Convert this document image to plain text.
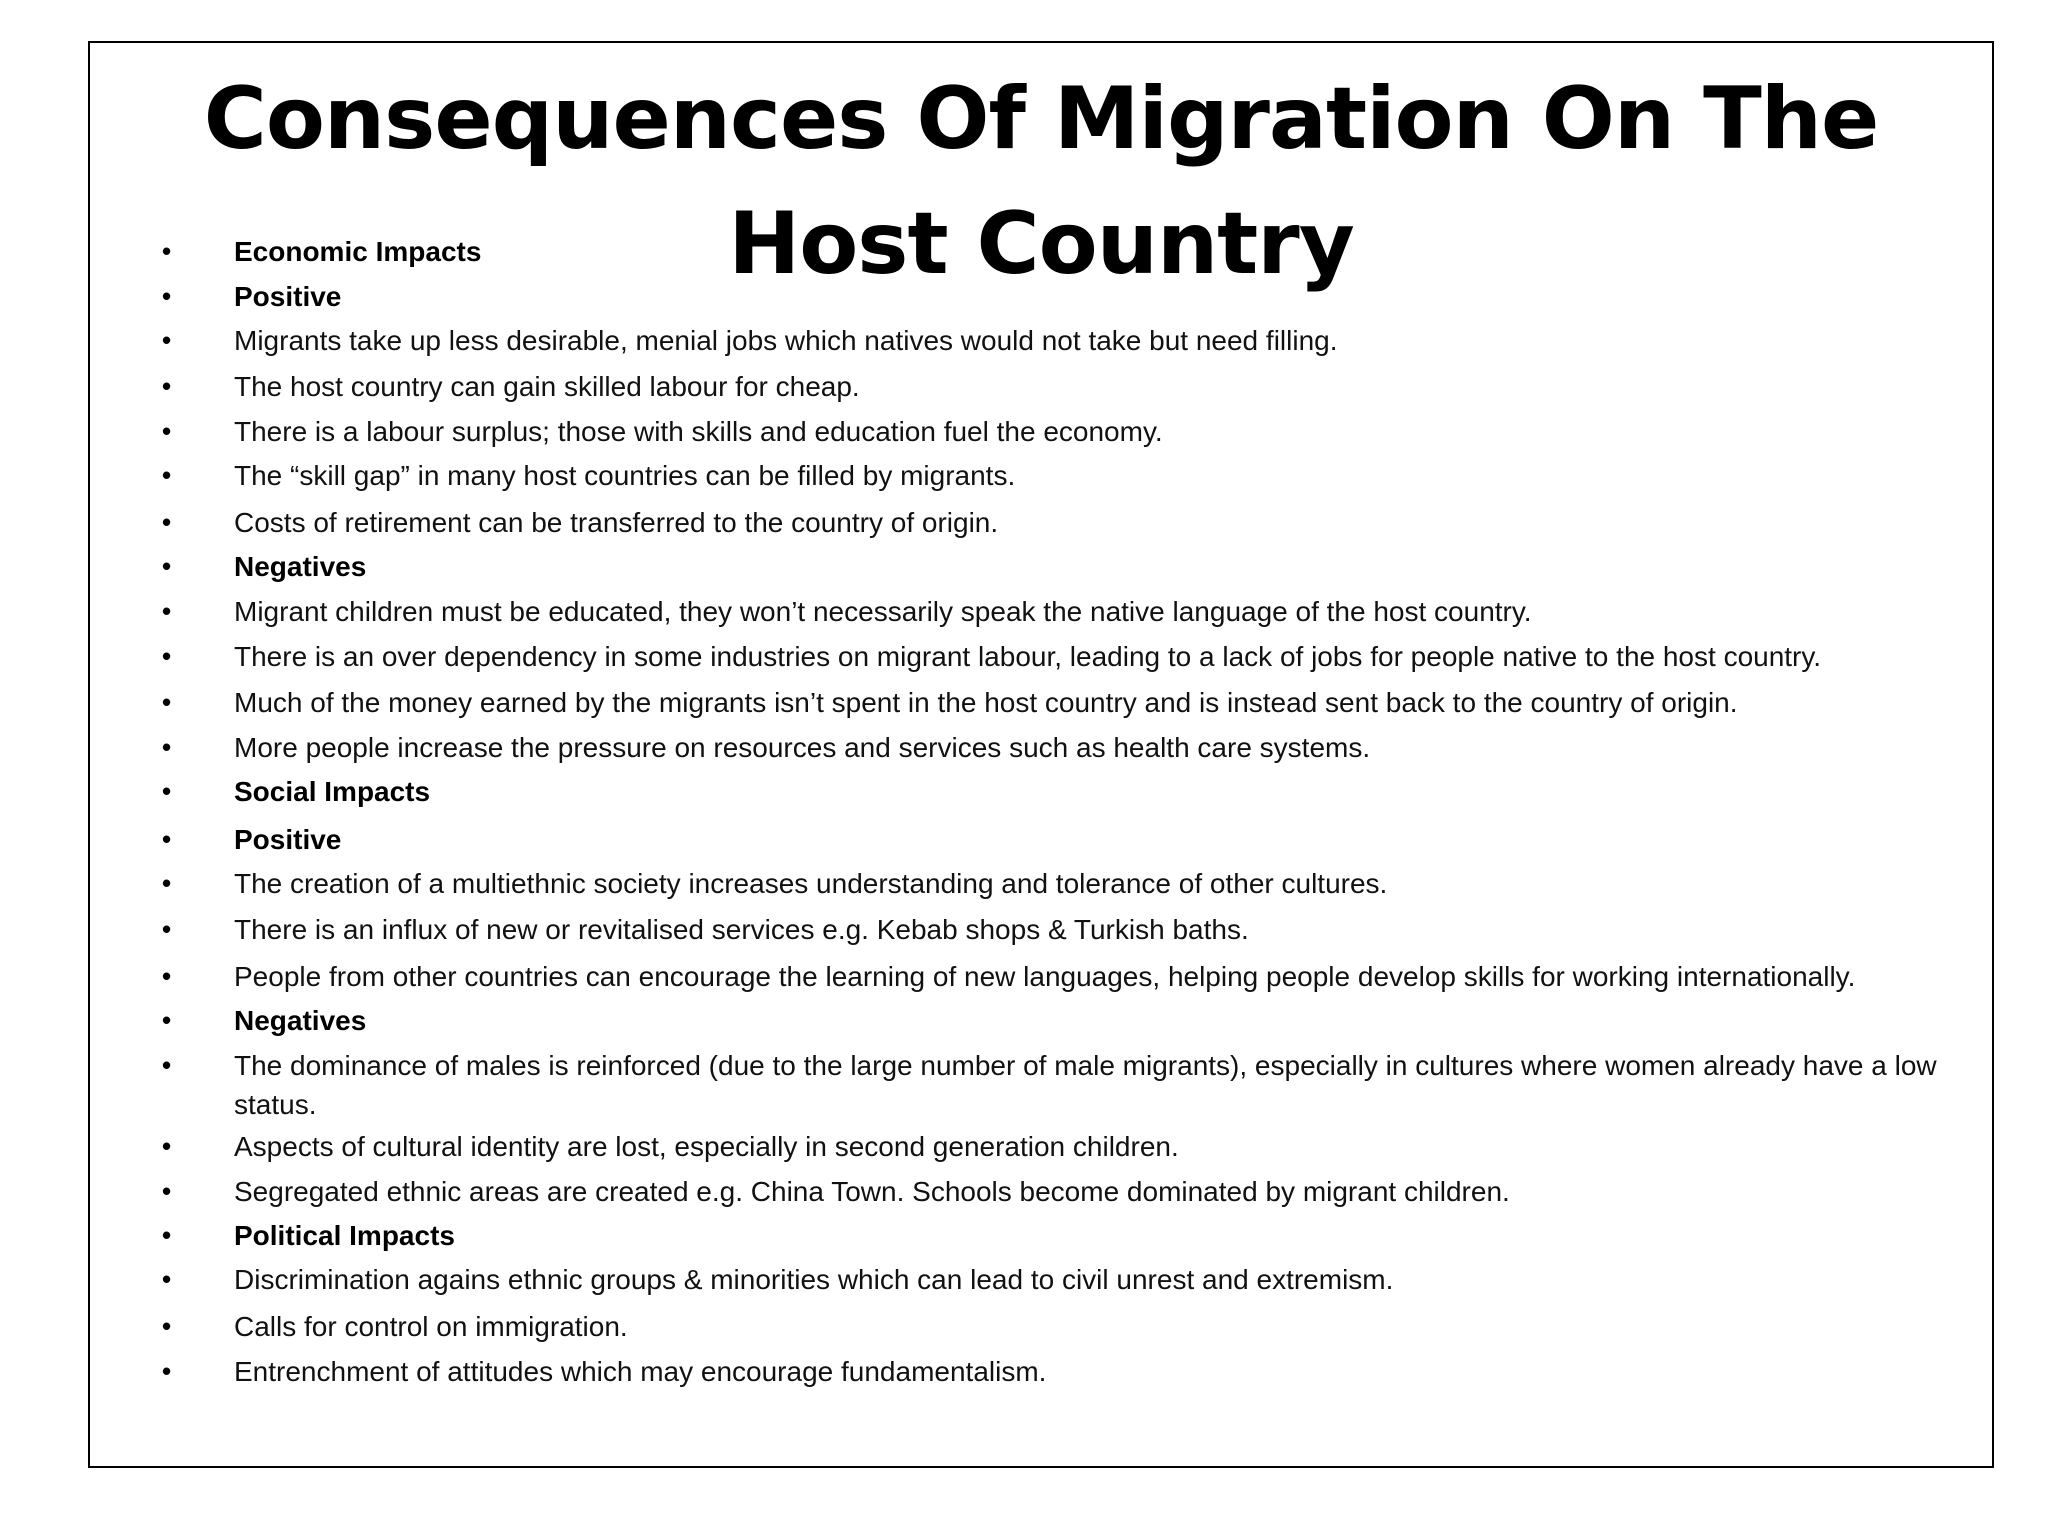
Consequences Of Migration On The
Host Country
•	Economic Impacts
•	Positive
•	Migrants take up less desirable, menial jobs which natives would not take but need filling.
•	The host country can gain skilled labour for cheap.
•	There is a labour surplus; those with skills and education fuel the economy.
•	The “skill gap” in many host countries can be filled by migrants.
•	Costs of retirement can be transferred to the country of origin.
•	Negatives
•	Migrant children must be educated, they won’t necessarily speak the native language of the host country.
•	There is an over dependency in some industries on migrant labour, leading to a lack of jobs for people native to the host country.
•	Much of the money earned by the migrants isn’t spent in the host country and is instead sent back to the country of origin.
•	More people increase the pressure on resources and services such as health care systems.
•	Social Impacts
•	Positive
•	The creation of a multiethnic society increases understanding and tolerance of other cultures.
•	There is an influx of new or revitalised services e.g. Kebab shops & Turkish baths.
•	People from other countries can encourage the learning of new languages, helping people develop skills for working internationally.
•	Negatives
•	The dominance of males is reinforced (due to the large number of male migrants), especially in cultures where women already have a low status.
•	Aspects of cultural identity are lost, especially in second generation children.
•	Segregated ethnic areas are created e.g. China Town. Schools become dominated by migrant children.
•	Political Impacts
•	Discrimination agains ethnic groups & minorities which can lead to civil unrest and extremism.
•	Calls for control on immigration.
•	Entrenchment of attitudes which may encourage fundamentalism.
